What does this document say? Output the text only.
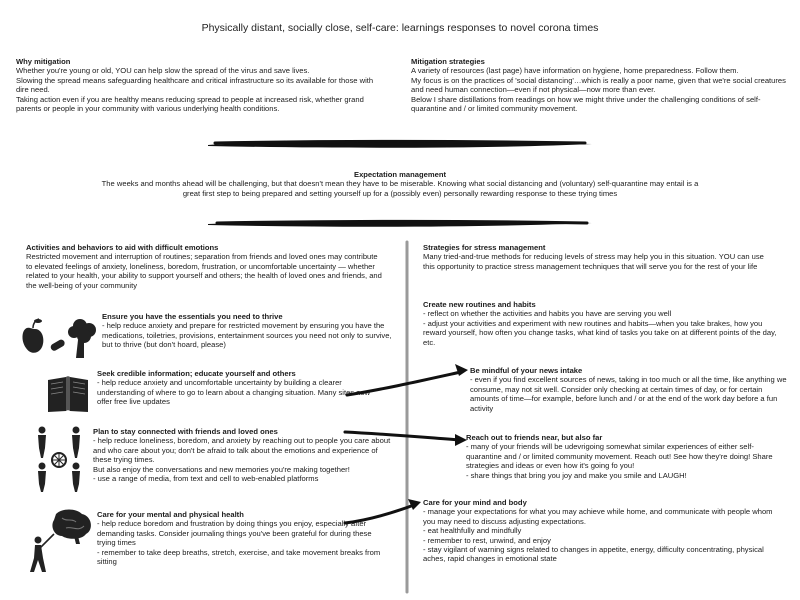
Physically distant, socially close, self-care: learnings responses to novel corona times
Why mitigation

Whether you're young or old, YOU can help slow the spread of the virus and save lives.

Slowing the spread means safeguarding healthcare and critical infrastructure so its available for those with dire need.

Taking action even if you are healthy means reducing spread to people at increased risk, whether grand parents or people in your community with various underlying health conditions.

Mitigation strategies

A variety of resources (last page) have information on hygiene, home preparedness. Follow them.

My focus is on the practices of 'social distancing'…which is really a poor name, given that we're social creatures and need human connection—even if not physical—now more than ever.

Below I share distillations from readings on how we might thrive under the challenging conditions of self-quarantine and / or limited community movement.

Expectation management

The weeks and months ahead will be challenging, but that doesn't mean they have to be miserable. Knowing what social distancing and (voluntary) self-quarantine may entail is a great first step to being prepared and setting yourself up for a (possibly even) personally rewarding response to these trying times

Activities and behaviors to aid with difficult emotions

Restricted movement and interruption of routines; separation from friends and loved ones may contribute to elevated feelings of anxiety, loneliness, boredom, frustration, or uncomfortable uncertainty — whether related to your health, your ability to support yourself and others; the health of loved ones and friends, and the well-being of your community

Ensure you have the essentials you need to thrive

- help reduce anxiety and prepare for restricted movement by ensuring you have the medications, toiletries, provisions, entertainment sources you need not only to survive, but to thrive (but don't hoard, please)

Seek credible information; educate yourself and others

- help reduce anxiety and uncomfortable uncertainty by building a clearer understanding of where to go to learn about a changing situation. Many sites now offer free live updates

Plan to stay connected with friends and loved ones

- help reduce loneliness, boredom, and anxiety by reaching out to people you care about and who care about you; don't be afraid to talk about the emotions and experience of these trying times.

But also enjoy the conversations and new memories you're making together!

- use a range of media, from text and cell to web-enabled platforms

Care for your mental and physical health

- help reduce boredom and frustration by doing things you enjoy, especially after demanding tasks. Consider journaling things you've been grateful for during these trying times

- remember to take deep breaths, stretch, exercise, and take movement breaks from sitting

Strategies for stress management

Many tried-and-true methods for reducing levels of stress may help you in this situation. YOU can use this opportunity to practice stress management techniques that will serve you for the rest of your life

Create new routines and habits

- reflect on whether the activities and habits you have are serving you well

- adjust your activities and experiment with new routines and habits—when you take brakes, how you reward yourself, how often you change tasks, what kind of tasks you take on at different points of the day, etc.

Be mindful of your news intake

- even if you find excellent sources of news, taking in too much or all the time, like anything we consume, may not sit well. Consider only checking at certain times of day, or for certain amounts of time—for example, before lunch and / or at the end of the work day before a fun activity

Reach out to friends near, but also far

- many of your friends will be udevrigoing somewhat similar experiences of either self-quarantine and / or limited community movement. Reach out! See how they're doing! Share strategies and ideas or even how it's going fo you!

- share things that bring you joy and make you smile and LAUGH!

Care for your mind and body

- manage your expectations for what you may achieve while home, and communicate with people whom you may need to discuss adjusting expectations.

- eat healthfully and mindfully

- remember to rest, unwind, and enjoy

- stay vigilant of warning signs related to changes in appetite, energy, difficulty concentrating, physical aches, rapid changes in emotional state
